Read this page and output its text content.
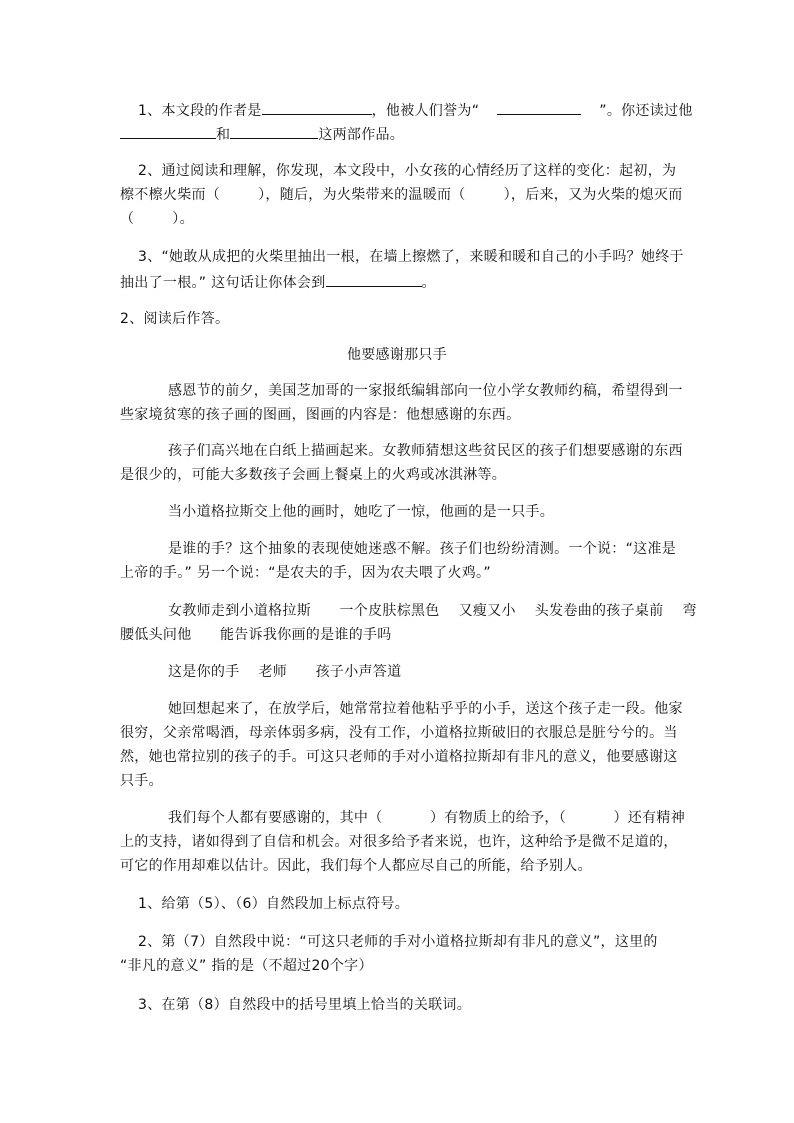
1、本文段的作者是	，他被人们誉为“	”。你还读过他
和	这两部作品。
2、通过阅读和理解，你发现，本文段中，小女孩的心情经历了这样的变化：起初，为
檫不檫火柴而（        ），随后，为火柴带来的温暖而（        ），后来，又为火柴的熄灭而
（        ）。
3、“她敢从成把的火柴里抽出一根，在墙上擦燃了，来暖和暖和自己的小手吗？她终于
抽出了一根。” 这句话让你体会到	。
2、阅读后作答。
他要感谢那只手
感恩节的前夕，美国芝加哥的一家报纸编辑部向一位小学女教师约稿，希望得到一
些家境贫寒的孩子画的图画，图画的内容是：他想感谢的东西。
孩子们高兴地在白纸上描画起来。女教师猜想这些贫民区的孩子们想要感谢的东西
是很少的，可能大多数孩子会画上餐桌上的火鸡或冰淇淋等。
当小道格拉斯交上他的画时，她吃了一惊，他画的是一只手。
是谁的手？这个抽象的表现使她迷惑不解。孩子们也纷纷清测。一个说：“这准是
上帝的手。” 另一个说：“是农夫的手，因为农夫喂了火鸡。”
女教师走到小道格拉斯      一个皮肤棕黑色    又瘦又小    头发卷曲的孩子桌前    弯
腰低头问他      能告诉我你画的是谁的手吗
这是你的手    老师      孩子小声答道
她回想起来了，在放学后，她常常拉着他粘乎乎的小手，送这个孩子走一段。他家
很穷，父亲常喝酒，母亲体弱多病，没有工作，小道格拉斯破旧的衣服总是脏兮兮的。当
然，她也常拉别的孩子的手。可这只老师的手对小道格拉斯却有非凡的意义，他要感谢这
只手。
我们每个人都有要感谢的，其中（          ）有物质上的给予，（          ）还有精神
上的支持，诸如得到了自信和机会。对很多给予者来说，也许，这种给予是微不足道的，
可它的作用却难以估计。因此，我们每个人都应尽自己的所能，给予别人。
1、给第（5）、（6）自然段加上标点符号。
2、第（7）自然段中说：“可这只老师的手对小道格拉斯却有非凡的意义”，这里的
“非凡的意义” 指的是（不超过20个字）
3、在第（8）自然段中的括号里填上恰当的关联词。
